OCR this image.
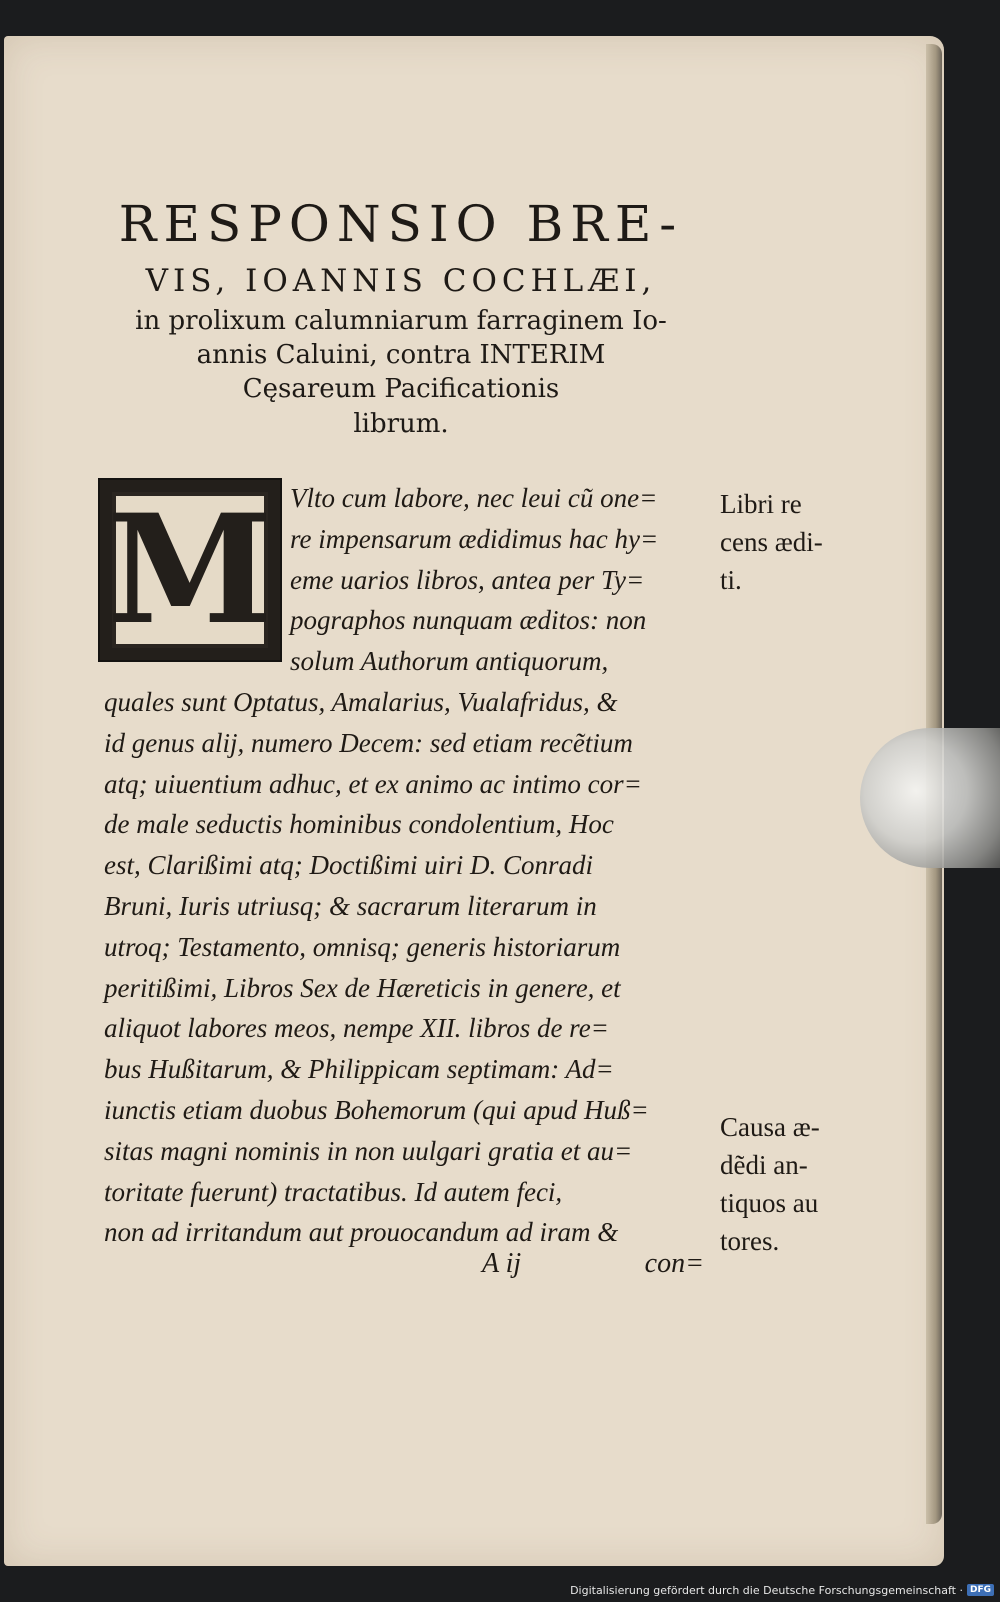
RESPONSIO BRE-
VIS, IOANNIS COCHLÆI,
in prolixum calumniarum farraginem Io-
annis Caluini, contra INTERIM
Cęsareum Pacificationis
librum.
M Vlto cum labore, nec leui cũ one=
re impensarum ædidimus hac hy=
eme uarios libros, antea per Ty=
pographos nunquam æditos: non
solum Authorum antiquorum,
quales sunt Optatus, Amalarius, Vualafridus, &
id genus alij, numero Decem: sed etiam recẽtium
atq; uiuentium adhuc, et ex animo ac intimo cor=
de male seductis hominibus condolentium, Hoc
est, Clarißimi atq; Doctißimi uiri D. Conradi
Bruni, Iuris utriusq; & sacrarum literarum in
utroq; Testamento, omnisq; generis historiarum
peritißimi, Libros Sex de Hæreticis in genere, et
aliquot labores meos, nempe XII. libros de re=
bus Hußitarum, & Philippicam septimam: Ad=
iunctis etiam duobus Bohemorum (qui apud Huß=
sitas magni nominis in non uulgari gratia et au=
toritate fuerunt) tractatibus. Id autem feci,
non ad irritandum aut prouocandum ad iram &
A ij	con=
Libri re
cens ædi-
ti.
Causa æ-
dẽdi an-
tiquos au
tores.
Digitalisierung gefördert durch die Deutsche Forschungsgemeinschaft · DFG
